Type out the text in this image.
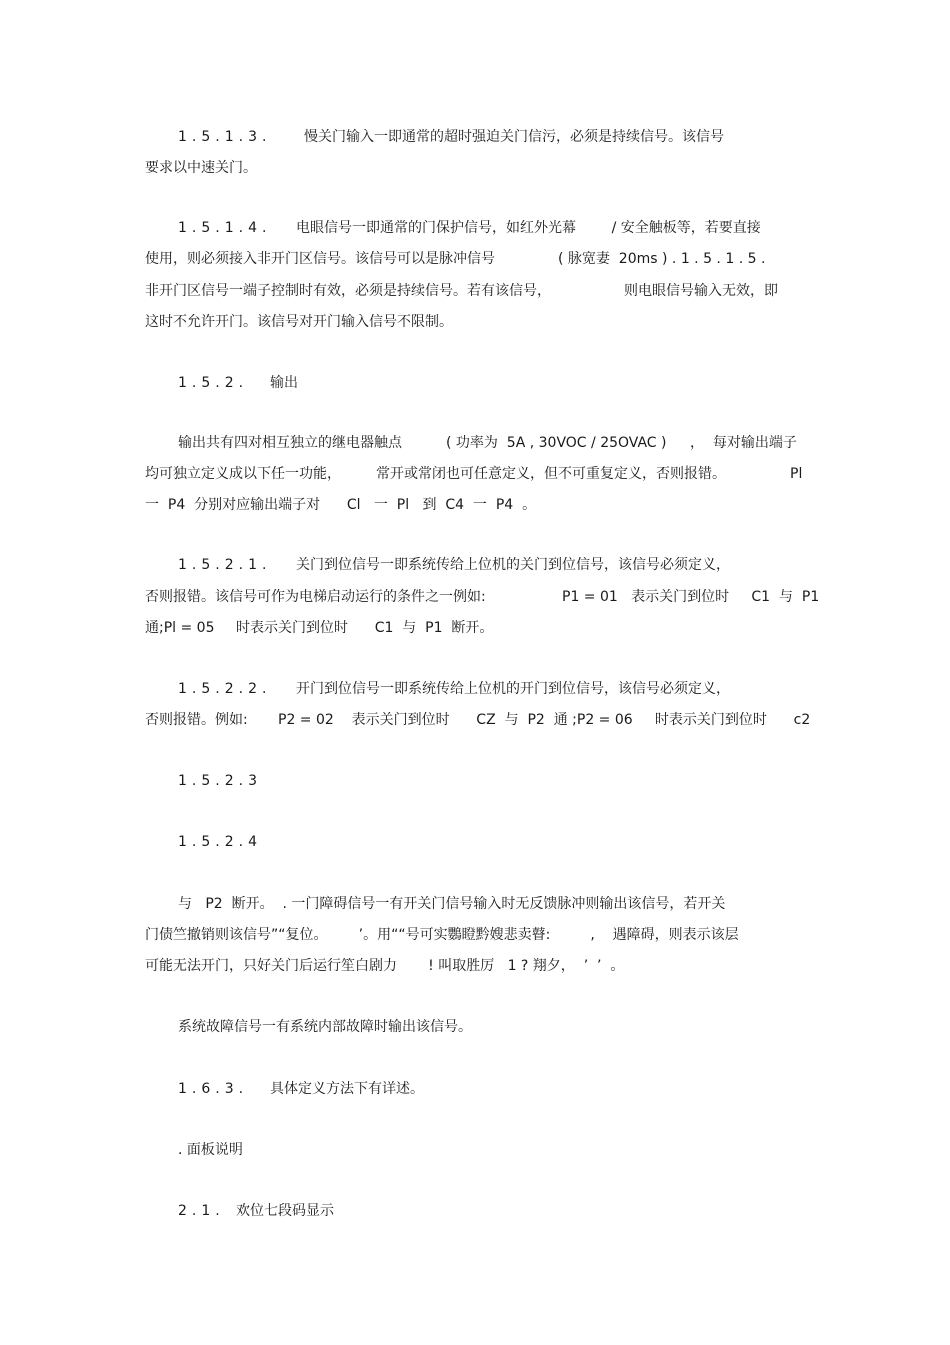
1.5.1.3. 慢关门输入一即通常的超时强迫关门信污，必须是持续信号。该信号
要求以中速关门。
1.5.1.4. 电眼信号一即通常的门保护信号，如红外光幕        / 安全触板等，若要直接
使用，则必须接入非开门区信号。该信号可以是脉冲信号	( 脉宽妻  20ms ) . 1 . 5 . 1 . 5 .
非开门区信号一端子控制时有效，必须是持续信号。若有该信号，	则电眼信号输入无效，即
这时不允许开门。该信号对开门输入信号不限制。
1.5.2. 输出
输出共有四对相互独立的继电器触点	( 功率为  5A , 30VOC / 25OVAC ) ，  每对输出端子
均可独立定义成以下任一功能，	常开或常闭也可任意定义，但不可重复定义，否则报错。	Pl
一  P4  分别对应输出端子对      Cl   一  Pl   到  C4  一  P4  。
1.5.2.1. 关门到位信号一即系统传给上位机的关门到位信号，该信号必须定义，
否则报错。该信号可作为电梯启动运行的条件之一例如:	P1 = 01   表示关门到位时     C1  与  P1
通;Pl = 05 时表示关门到位时      C1  与  P1  断开。
1.5.2.2. 开门到位信号一即系统传给上位机的开门到位信号，该信号必须定义，
否则报错。例如: P2 = 02    表示关门到位时      CZ  与  P2  通 ;P2 = 06     时表示关门到位时      c2
1.5.2.3
1.5.2.4
与   P2  断开。  . 一门障碍信号一有开关门信号输入时无反馈脉冲则输出该信号，若开关
门债竺撤销则该信号”“复位。       ’。用““号可实鸚瞪黔嫂悲卖瞽:         ,    遇障碍，则表示该层
可能无法开门，只好关门后运行笙白剧力       ! 叫取胜厉   1 ? 翔夕，  ’  ’  。
系统故障信号一有系统内部故障时输出该信号。
1.6.3. 具体定义方法下有详述。
. 面板说明
2.1. 欢位七段码显示
